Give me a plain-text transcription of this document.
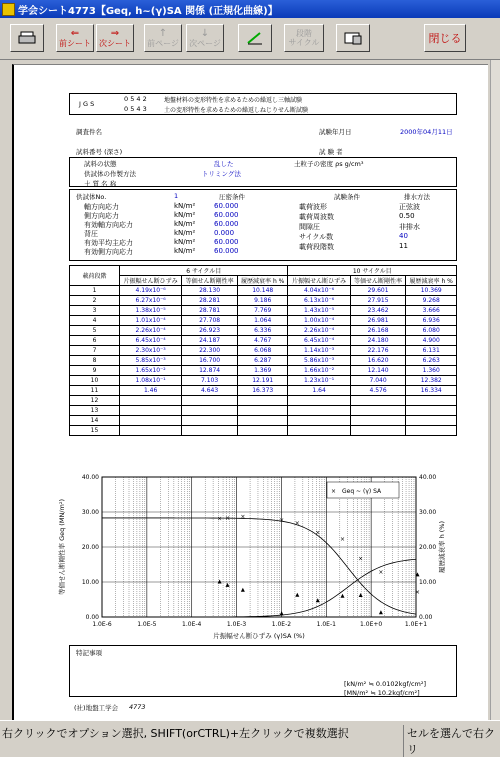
学会シート4773【Geq, h~(γ)SA 関係 (正規化曲線)】
⇐
前シート
⇒
次シート
↑
前ページ
↓
次ページ
段階
サイクル	閉じる
J G S
0 5 4 2
0 5 4 3
地盤材料の変形特性を求めるための繰返し三軸試験
土の変形特性を求めるための繰返しねじりせん断試験
調査件名	試験年月日	2000年04月11日
試料番号 (深さ)	試 験 者
試料の状態	乱した
供試体の作製方法	トリミング法
土 質 名 称
土粒子の密度 ρs g/cm³
供試体No.	1	圧密条件	試験条件	排水方法
軸方向応力	kN/m²	60.000
側方向応力	kN/m²	60.000
有効軸方向応力	kN/m²	60.000
背圧	kN/m²	0.000
有効平均主応力	kN/m²	60.000
有効側方向応力	kN/m²	60.000
載荷波形	正弦波
載荷周波数	0.50
間隙圧	非排水
サイクル数	40
載荷段階数	11
載荷段階	6 サイクル目			10 サイクル目		
	片振幅せん断ひずみ	等価せん断剛性率	履歴減衰率 h %	片振幅せん断ひずみ	等価せん断剛性率	履歴減衰率 h %
1	4.19x10⁻⁶	28.130	10.148	4.04x10⁻⁶	29.601	10.369
2	6.27x10⁻⁶	28.281	9.186	6.13x10⁻⁶	27.915	9.268
3	1.38x10⁻⁵	28.781	7.769	1.43x10⁻⁵	23.462	3.666
4	1.01x10⁻⁴	27.708	1.064	1.00x10⁻⁴	26.981	6.936
5	2.26x10⁻⁴	26.923	6.336	2.26x10⁻⁴	26.168	6.080
6	6.45x10⁻⁴	24.187	4.767	6.45x10⁻⁴	24.180	4.900
7	2.30x10⁻³	22.300	6.068	1.14x10⁻³	22.176	6.131
8	5.85x10⁻³	16.700	6.287	5.86x10⁻³	16.620	6.263
9	1.65x10⁻²	12.874	1.369	1.66x10⁻²	12.140	1.360
10	1.08x10⁻¹	7.103	12.191	1.23x10⁻¹	7.040	12.382
11	1.46	4.643	16.373	1.64	4.576	16.334
12						
13						
14						
15						
1.0E-6	1.0E-5	1.0E-4	1.0E-3	1.0E-2	1.0E-1	1.0E+0	1.0E+1
0.00	0.00
10.00	10.00
20.00	20.00
30.00	30.00
40.00	40.00
片振幅せん断ひずみ (γ)SA (%)
等価せん断剛性率 Geq (MN/m²)	履歴減衰率 h (%)
× × ×
× ×
×
×
×
×
×
× Geq ~ (γ) SA
特記事項
[kN/m² ≒ 0.0102kgf/cm²]
[MN/m² ≒ 10.2kgf/cm²]
(社)地盤工学会 4773
右クリックでオプション選択, SHIFT(orCTRL)+左クリックで複数選択	セルを選んで右クリ
